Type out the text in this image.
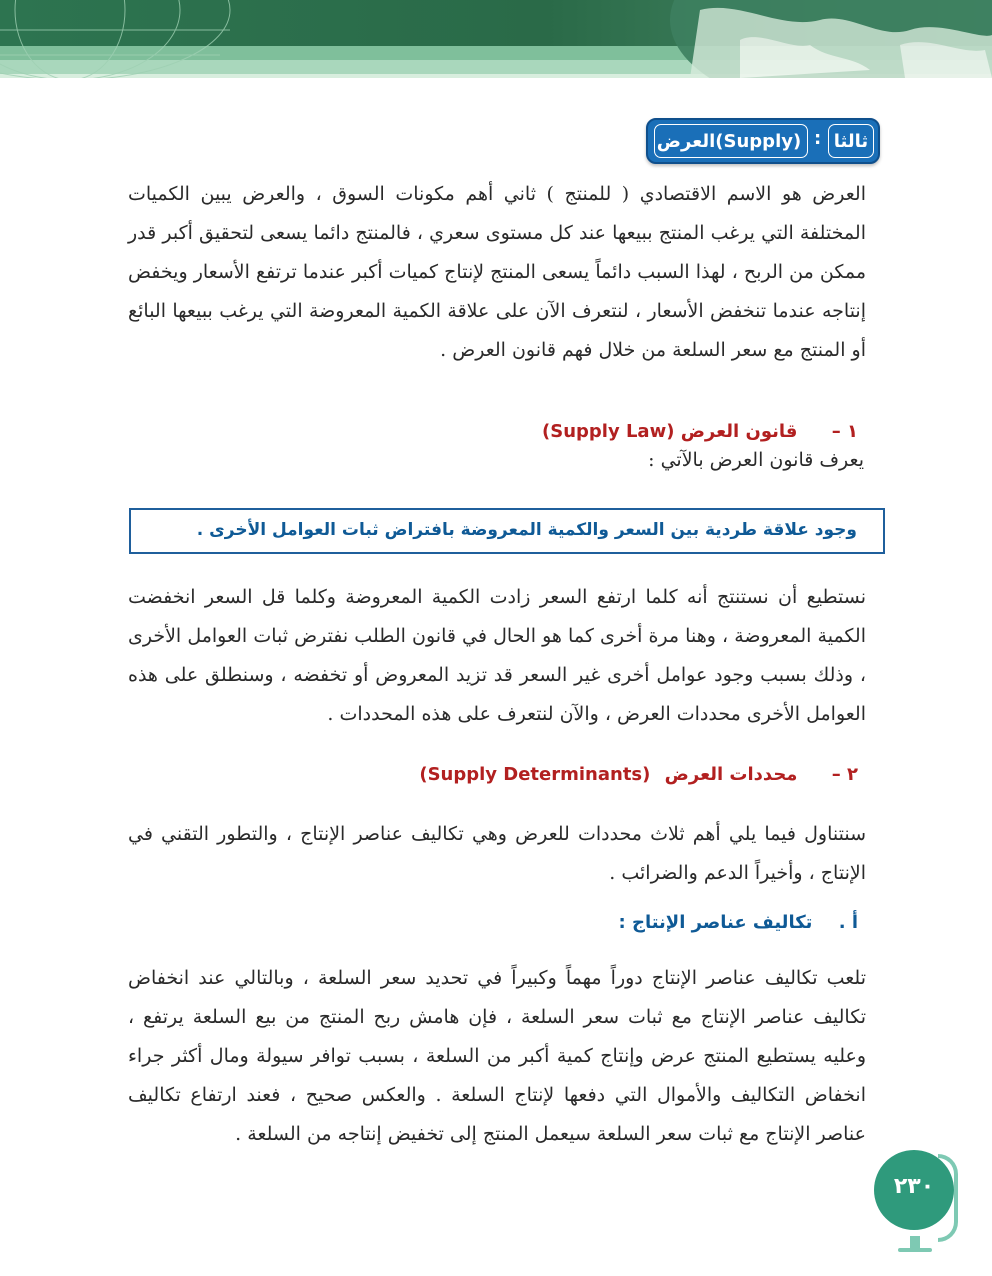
العرض (Supply) : ثالثا

العرض هو الاسم الاقتصادي ( للمنتج ) ثاني أهم مكونات السوق ، والعرض يبين الكميات المختلفة التي يرغب المنتج ببيعها عند كل مستوى سعري ، فالمنتج دائما يسعى لتحقيق أكبر قدر ممكن من الربح ، لهذا السبب دائماً يسعى المنتج لإنتاج كميات أكبر عندما ترتفع الأسعار ويخفض إنتاجه عندما تنخفض الأسعار ، لنتعرف الآن على علاقة الكمية المعروضة التي يرغب ببيعها البائع أو المنتج مع سعر السلعة من خلال فهم قانون العرض .

١ – قانون العرض (Supply Law)
يعرف قانون العرض بالآتي :
وجود علاقة طردية بين السعر والكمية المعروضة بافتراض ثبات العوامل الأخرى .

نستطيع أن نستنتج أنه كلما ارتفع السعر زادت الكمية المعروضة وكلما قل السعر انخفضت الكمية المعروضة ، وهنا مرة أخرى كما هو الحال في قانون الطلب نفترض ثبات العوامل الأخرى ، وذلك بسبب وجود عوامل أخرى غير السعر قد تزيد المعروض أو تخفضه ، وسنطلق على هذه العوامل الأخرى محددات العرض ، والآن لنتعرف على هذه المحددات .

٢ – محددات العرض (Supply Determinants)

سنتناول فيما يلي أهم ثلاث محددات للعرض وهي تكاليف عناصر الإنتاج ، والتطور التقني في الإنتاج ، وأخيراً الدعم والضرائب .

أ . تكاليف عناصر الإنتاج :

تلعب تكاليف عناصر الإنتاج دوراً مهماً وكبيراً في تحديد سعر السلعة ، وبالتالي عند انخفاض تكاليف عناصر الإنتاج مع ثبات سعر السلعة ، فإن هامش ربح المنتج من بيع السلعة يرتفع ، وعليه يستطيع المنتج عرض وإنتاج كمية أكبر من السلعة ، بسبب توافر سيولة ومال أكثر جراء انخفاض التكاليف والأموال التي دفعها لإنتاج السلعة . والعكس صحيح ، فعند ارتفاع تكاليف عناصر الإنتاج مع ثبات سعر السلعة سيعمل المنتج إلى تخفيض إنتاجه من السلعة .

٢٣٠
